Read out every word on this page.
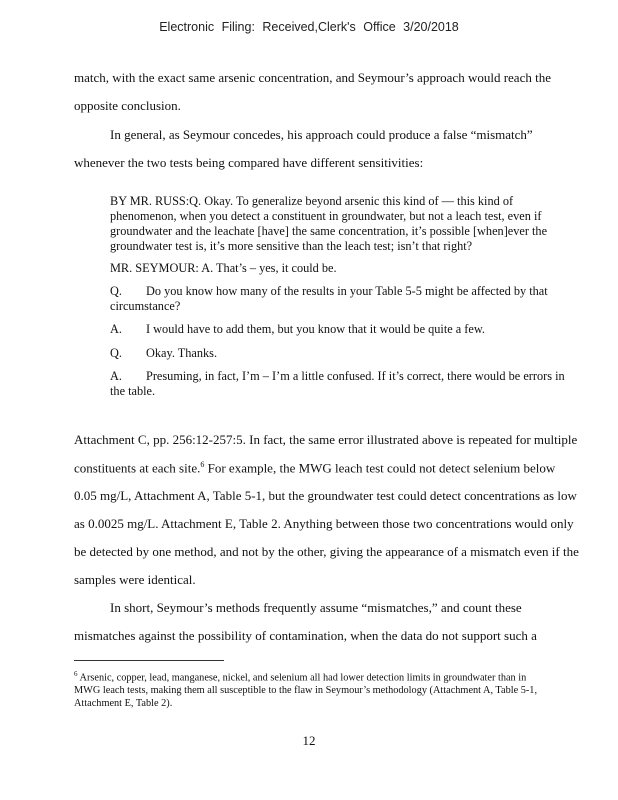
Electronic Filing: Received,Clerk's Office 3/20/2018
match, with the exact same arsenic concentration, and Seymour’s approach would reach the
opposite conclusion.
In general, as Seymour concedes, his approach could produce a false “mismatch”
whenever the two tests being compared have different sensitivities:
BY MR. RUSS:Q. Okay. To generalize beyond arsenic this kind of — this kind of phenomenon, when you detect a constituent in groundwater, but not a leach test, even if groundwater and the leachate [have] the same concentration, it’s possible [when]ever the groundwater test is, it’s more sensitive than the leach test; isn’t that right?
MR. SEYMOUR: A. That’s – yes, it could be.
Q. Do you know how many of the results in your Table 5-5 might be affected by that circumstance?
A. I would have to add them, but you know that it would be quite a few.
Q. Okay. Thanks.
A. Presuming, in fact, I’m – I’m a little confused. If it’s correct, there would be errors in the table.
Attachment C, pp. 256:12-257:5. In fact, the same error illustrated above is repeated for multiple
constituents at each site.$^6$ For example, the MWG leach test could not detect selenium below
0.05 mg/L, Attachment A, Table 5-1, but the groundwater test could detect concentrations as low
as 0.0025 mg/L. Attachment E, Table 2. Anything between those two concentrations would only
be detected by one method, and not by the other, giving the appearance of a mismatch even if the
samples were identical.
In short, Seymour’s methods frequently assume “mismatches,” and count these
mismatches against the possibility of contamination, when the data do not support such a
$^6$ Arsenic, copper, lead, manganese, nickel, and selenium all had lower detection limits in groundwater than in MWG leach tests, making them all susceptible to the flaw in Seymour’s methodology (Attachment A, Table 5-1, Attachment E, Table 2).
12
